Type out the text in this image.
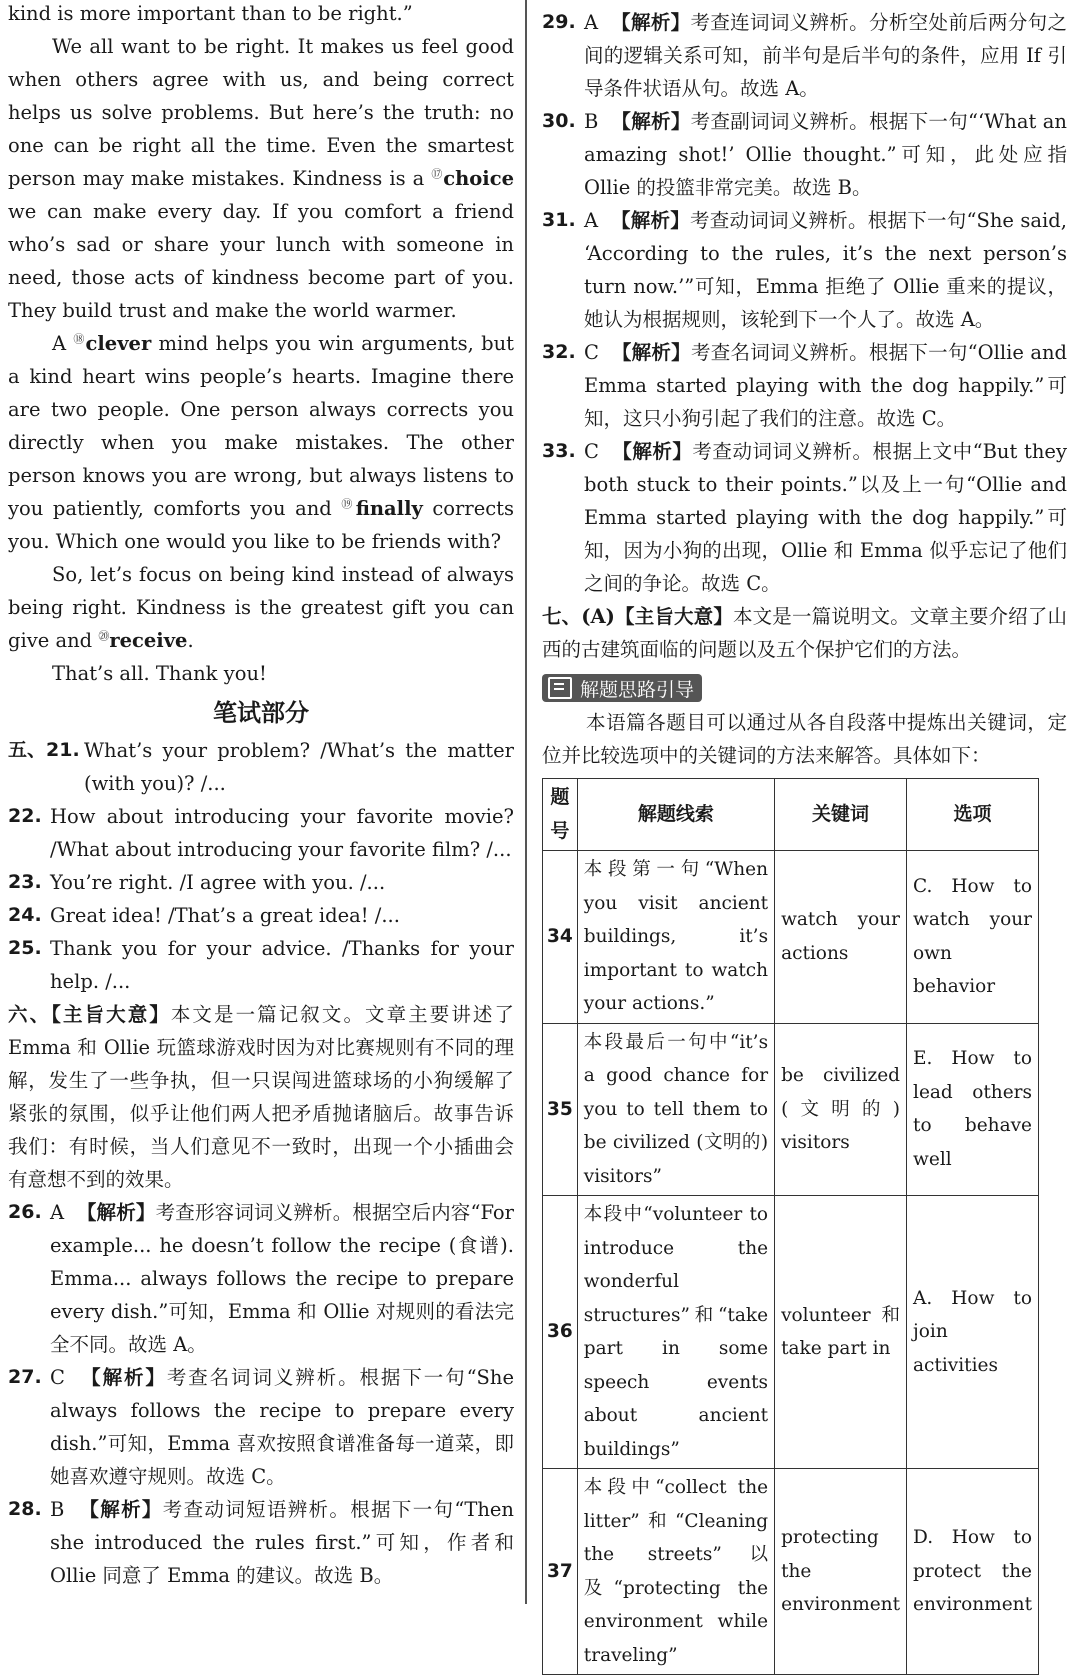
kind is more important than to be right.”

We all want to be right. It makes us feel good when others agree with us, and being correct helps us solve problems. But here’s the truth: no one can be right all the time. Even the smartest person may make mistakes. Kindness is a ⑰choice we can make every day. If you comfort a friend who’s sad or share your lunch with someone in need, those acts of kindness become part of you. They build trust and make the world warmer.

A ⑱clever mind helps you win arguments, but a kind heart wins people’s hearts. Imagine there are two people. One person always corrects you directly when you make mistakes. The other person knows you are wrong, but always listens to you patiently, comforts you and ⑲finally corrects you. Which one would you like to be friends with?

So, let’s focus on being kind instead of always being right. Kindness is the greatest gift you can give and ⑳receive.

That’s all. Thank you!

笔试部分
五、21. What’s your problem? /What’s the matter (with you)? /...
22. How about introducing your favorite movie? /What about introducing your favorite film? /...
23. You’re right. /I agree with you. /...
24. Great idea! /That’s a great idea! /...
25. Thank you for your advice. /Thanks for your help. /...

六、【主旨大意】本文是一篇记叙文。文章主要讲述了Emma 和 Ollie 玩篮球游戏时因为对比赛规则有不同的理解，发生了一些争执，但一只误闯进篮球场的小狗缓解了紧张的氛围，似乎让他们两人把矛盾抛诸脑后。故事告诉我们：有时候，当人们意见不一致时，出现一个小插曲会有意想不到的效果。

26. A 【解析】考查形容词词义辨析。根据空后内容“For example... he doesn’t follow the recipe (食谱). Emma... always follows the recipe to prepare every dish.”可知，Emma 和 Ollie 对规则的看法完全不同。故选 A。
27. C 【解析】考查名词词义辨析。根据下一句“She always follows the recipe to prepare every dish.”可知，Emma 喜欢按照食谱准备每一道菜，即她喜欢遵守规则。故选 C。
28. B 【解析】考查动词短语辨析。根据下一句“Then she introduced the rules first.”可知，作者和 Ollie 同意了 Emma 的建议。故选 B。
29. A 【解析】考查连词词义辨析。分析空处前后两分句之间的逻辑关系可知，前半句是后半句的条件，应用 If 引导条件状语从句。故选 A。
30. B 【解析】考查副词词义辨析。根据下一句“‘What an amazing shot!’ Ollie thought.”可知，此处应指 Ollie 的投篮非常完美。故选 B。
31. A 【解析】考查动词词义辨析。根据下一句“She said, ‘According to the rules, it’s the next person’s turn now.’”可知，Emma 拒绝了 Ollie 重来的提议，她认为根据规则，该轮到下一个人了。故选 A。
32. C 【解析】考查名词词义辨析。根据下一句“Ollie and Emma started playing with the dog happily.”可知，这只小狗引起了我们的注意。故选 C。
33. C 【解析】考查动词词义辨析。根据上文中“But they both stuck to their points.”以及上一句“Ollie and Emma started playing with the dog happily.”可知，因为小狗的出现，Ollie 和 Emma 似乎忘记了他们之间的争论。故选 C。

七、(A)【主旨大意】本文是一篇说明文。文章主要介绍了山西的古建筑面临的问题以及五个保护它们的方法。

解题思路引导

本语篇各题目可以通过从各自段落中提炼出关键词，定位并比较选项中的关键词的方法来解答。具体如下：

题号	解题线索	关键词	选项
34	本段第一句“When you visit ancient buildings, it’s important to watch your actions.”	watch your actions	C. How to watch your own behavior
35	本段最后一句中“it’s a good chance for you to tell them to be civilized (文明的) visitors”	be civilized (文明的) visitors	E. How to lead others to behave well
36	本段中“volunteer to introduce the wonderful structures”和“take part in some speech events about ancient buildings”	volunteer 和 take part in	A. How to join activities
37	本段中“collect the litter”和“Cleaning the streets”以及“protecting the environment while traveling”	protecting the environment	D. How to protect the environment
